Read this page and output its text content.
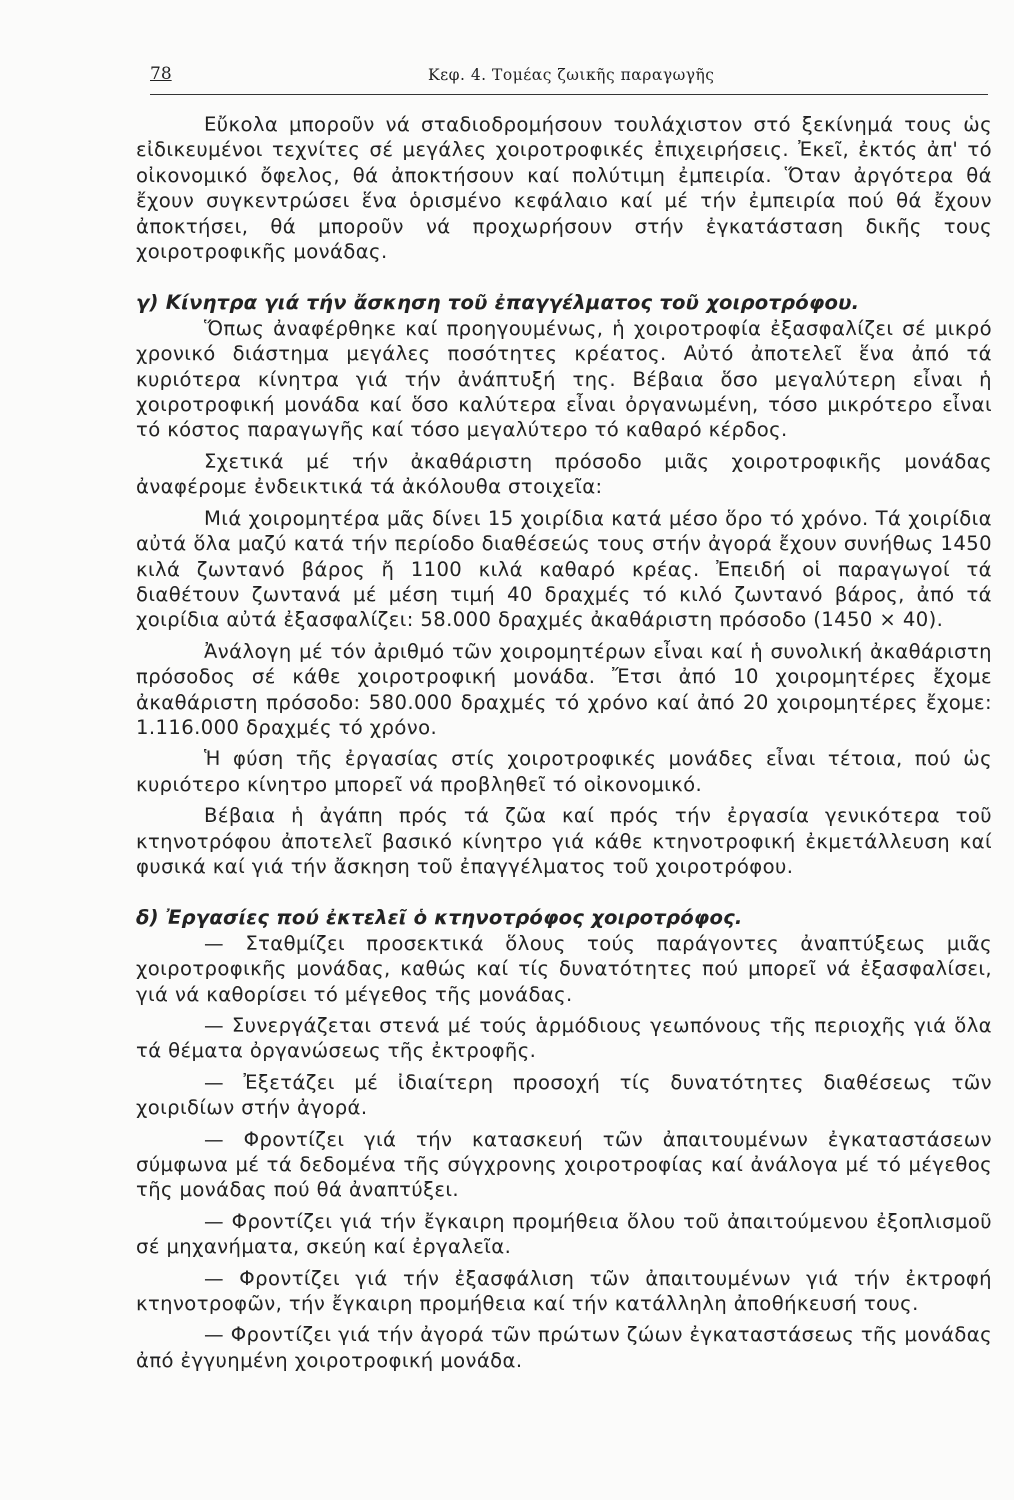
78	Κεφ. 4. Τομέας ζωικῆς παραγωγῆς

Εὔκολα μποροῦν νά σταδιοδρομήσουν τουλάχιστον στό ξεκίνημά τους ὡς εἰδικευμένοι τεχνίτες σέ μεγάλες χοιροτροφικές ἐπιχειρήσεις. Ἐκεῖ, ἐκτός ἀπ' τό οἰκονομικό ὄφελος, θά ἀποκτήσουν καί πολύτιμη ἐμπειρία. Ὅταν ἀργότερα θά ἔχουν συγκεντρώσει ἕνα ὁρισμένο κεφάλαιο καί μέ τήν ἐμπειρία πού θά ἔχουν ἀποκτήσει, θά μποροῦν νά προχωρήσουν στήν ἐγκατάσταση δικῆς τους χοιροτροφικῆς μονάδας.

γ) Κίνητρα γιά τήν ἄσκηση τοῦ ἐπαγγέλματος τοῦ χοιροτρόφου.

Ὅπως ἀναφέρθηκε καί προηγουμένως, ἡ χοιροτροφία ἐξασφαλίζει σέ μικρό χρονικό διάστημα μεγάλες ποσότητες κρέατος. Αὐτό ἀποτελεῖ ἕνα ἀπό τά κυριότερα κίνητρα γιά τήν ἀνάπτυξή της. Βέβαια ὅσο μεγαλύτερη εἶναι ἡ χοιροτροφική μονάδα καί ὅσο καλύτερα εἶναι ὀργανωμένη, τόσο μικρότερο εἶναι τό κόστος παραγωγῆς καί τόσο μεγαλύτερο τό καθαρό κέρδος.

Σχετικά μέ τήν ἀκαθάριστη πρόσοδο μιᾶς χοιροτροφικῆς μονάδας ἀναφέρομε ἐνδεικτικά τά ἀκόλουθα στοιχεῖα:

Μιά χοιρομητέρα μᾶς δίνει 15 χοιρίδια κατά μέσο ὅρο τό χρόνο. Τά χοιρίδια αὐτά ὅλα μαζύ κατά τήν περίοδο διαθέσεώς τους στήν ἀγορά ἔχουν συνήθως 1450 κιλά ζωντανό βάρος ἤ 1100 κιλά καθαρό κρέας. Ἐπειδή οἱ παραγωγοί τά διαθέτουν ζωντανά μέ μέση τιμή 40 δραχμές τό κιλό ζωντανό βάρος, ἀπό τά χοιρίδια αὐτά ἐξασφαλίζει: 58.000 δραχμές ἀκαθάριστη πρόσοδο (1450 × 40).

Ἀνάλογη μέ τόν ἀριθμό τῶν χοιρομητέρων εἶναι καί ἡ συνολική ἀκαθάριστη πρόσοδος σέ κάθε χοιροτροφική μονάδα. Ἔτσι ἀπό 10 χοιρομητέρες ἔχομε ἀκαθάριστη πρόσοδο: 580.000 δραχμές τό χρόνο καί ἀπό 20 χοιρομητέρες ἔχομε: 1.116.000 δραχμές τό χρόνο.

Ἡ φύση τῆς ἐργασίας στίς χοιροτροφικές μονάδες εἶναι τέτοια, πού ὡς κυριότερο κίνητρο μπορεῖ νά προβληθεῖ τό οἰκονομικό.

Βέβαια ἡ ἀγάπη πρός τά ζῶα καί πρός τήν ἐργασία γενικότερα τοῦ κτηνοτρόφου ἀποτελεῖ βασικό κίνητρο γιά κάθε κτηνοτροφική ἐκμετάλλευση καί φυσικά καί γιά τήν ἄσκηση τοῦ ἐπαγγέλματος τοῦ χοιροτρόφου.

δ) Ἐργασίες πού ἐκτελεῖ ὁ κτηνοτρόφος χοιροτρόφος.

— Σταθμίζει προσεκτικά ὅλους τούς παράγοντες ἀναπτύξεως μιᾶς χοιροτροφικῆς μονάδας, καθώς καί τίς δυνατότητες πού μπορεῖ νά ἐξασφαλίσει, γιά νά καθορίσει τό μέγεθος τῆς μονάδας.

— Συνεργάζεται στενά μέ τούς ἁρμόδιους γεωπόνους τῆς περιοχῆς γιά ὅλα τά θέματα ὀργανώσεως τῆς ἐκτροφῆς.

— Ἐξετάζει μέ ἰδιαίτερη προσοχή τίς δυνατότητες διαθέσεως τῶν χοιριδίων στήν ἀγορά.

— Φροντίζει γιά τήν κατασκευή τῶν ἀπαιτουμένων ἐγκαταστάσεων σύμφωνα μέ τά δεδομένα τῆς σύγχρονης χοιροτροφίας καί ἀνάλογα μέ τό μέγεθος τῆς μονάδας πού θά ἀναπτύξει.

— Φροντίζει γιά τήν ἔγκαιρη προμήθεια ὅλου τοῦ ἀπαιτούμενου ἐξοπλισμοῦ σέ μηχανήματα, σκεύη καί ἐργαλεῖα.

— Φροντίζει γιά τήν ἐξασφάλιση τῶν ἀπαιτουμένων γιά τήν ἐκτροφή κτηνοτροφῶν, τήν ἔγκαιρη προμήθεια καί τήν κατάλληλη ἀποθήκευσή τους.

— Φροντίζει γιά τήν ἀγορά τῶν πρώτων ζώων ἐγκαταστάσεως τῆς μονάδας ἀπό ἐγγυημένη χοιροτροφική μονάδα.
